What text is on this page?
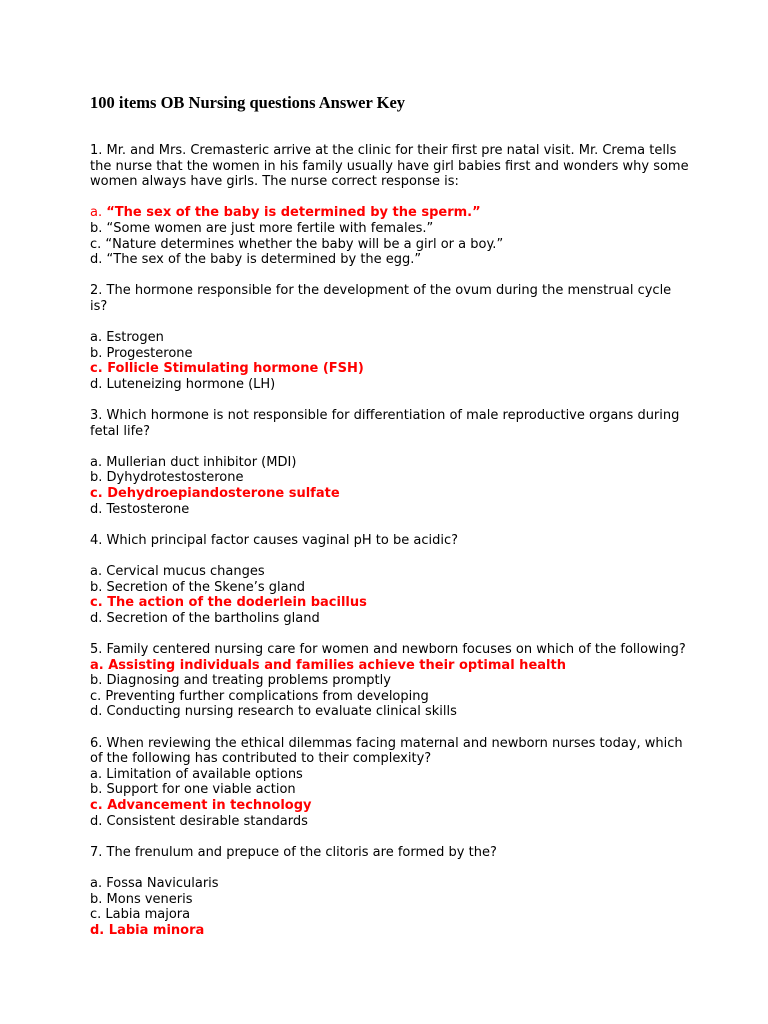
100 items OB Nursing questions Answer Key
1. Mr. and Mrs. Cremasteric arrive at the clinic for their first pre natal visit. Mr. Crema tells the nurse that the women in his family usually have girl babies first and wonders why some women always have girls. The nurse correct response is:
a. “The sex of the baby is determined by the sperm.”
b. “Some women are just more fertile with females.”
c. “Nature determines whether the baby will be a girl or a boy.”
d. “The sex of the baby is determined by the egg.”
2. The hormone responsible for the development of the ovum during the menstrual cycle is?
a. Estrogen
b. Progesterone
c. Follicle Stimulating hormone (FSH)
d. Luteneizing hormone (LH)
3. Which hormone is not responsible for differentiation of male reproductive organs during fetal life?
a. Mullerian duct inhibitor (MDI)
b. Dyhydrotestosterone
c. Dehydroepiandosterone sulfate
d. Testosterone
4. Which principal factor causes vaginal pH to be acidic?
a. Cervical mucus changes
b. Secretion of the Skene’s gland
c. The action of the doderlein bacillus
d. Secretion of the bartholins gland
5. Family centered nursing care for women and newborn focuses on which of the following?
a. Assisting individuals and families achieve their optimal health
b. Diagnosing and treating problems promptly
c. Preventing further complications from developing
d. Conducting nursing research to evaluate clinical skills
6. When reviewing the ethical dilemmas facing maternal and newborn nurses today, which of the following has contributed to their complexity?
a. Limitation of available options
b. Support for one viable action
c. Advancement in technology
d. Consistent desirable standards
7. The frenulum and prepuce of the clitoris are formed by the?
a. Fossa Navicularis
b. Mons veneris
c. Labia majora
d. Labia minora
